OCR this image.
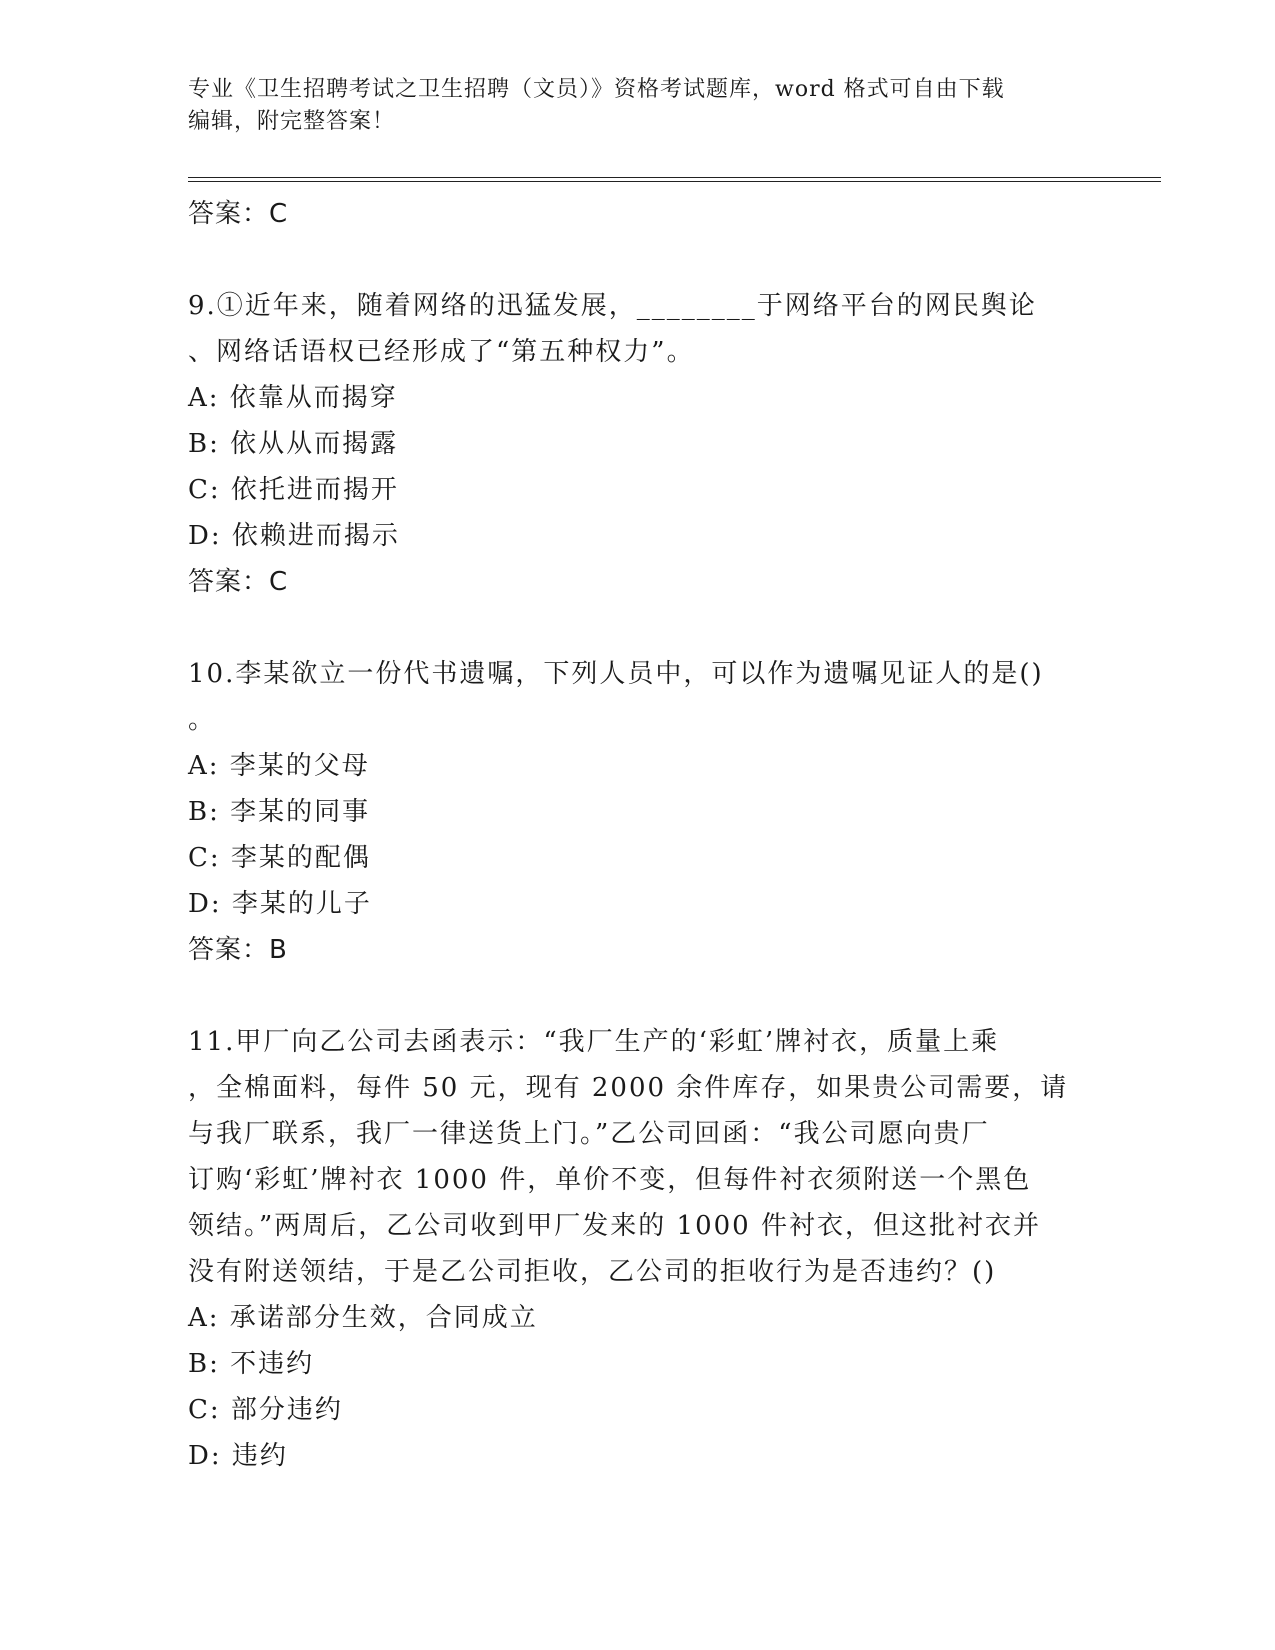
专业《卫生招聘考试之卫生招聘（文员）》资格考试题库，word 格式可自由下载
编辑，附完整答案！
答案：C
9.①近年来，随着网络的迅猛发展，________于网络平台的网民舆论
、网络话语权已经形成了“第五种权力”。
A: 依靠从而揭穿
B: 依从从而揭露
C: 依托进而揭开
D: 依赖进而揭示
答案：C
10.李某欲立一份代书遗嘱，下列人员中，可以作为遗嘱见证人的是()
。
A: 李某的父母
B: 李某的同事
C: 李某的配偶
D: 李某的儿子
答案：B
11.甲厂向乙公司去函表示：“我厂生产的‘彩虹’牌衬衣，质量上乘
，全棉面料，每件 50 元，现有 2000 余件库存，如果贵公司需要，请
与我厂联系，我厂一律送货上门。”乙公司回函：“我公司愿向贵厂
订购‘彩虹’牌衬衣 1000 件，单价不变，但每件衬衣须附送一个黑色
领结。”两周后，乙公司收到甲厂发来的 1000 件衬衣，但这批衬衣并
没有附送领结，于是乙公司拒收，乙公司的拒收行为是否违约？()
A: 承诺部分生效，合同成立
B: 不违约
C: 部分违约
D: 违约
